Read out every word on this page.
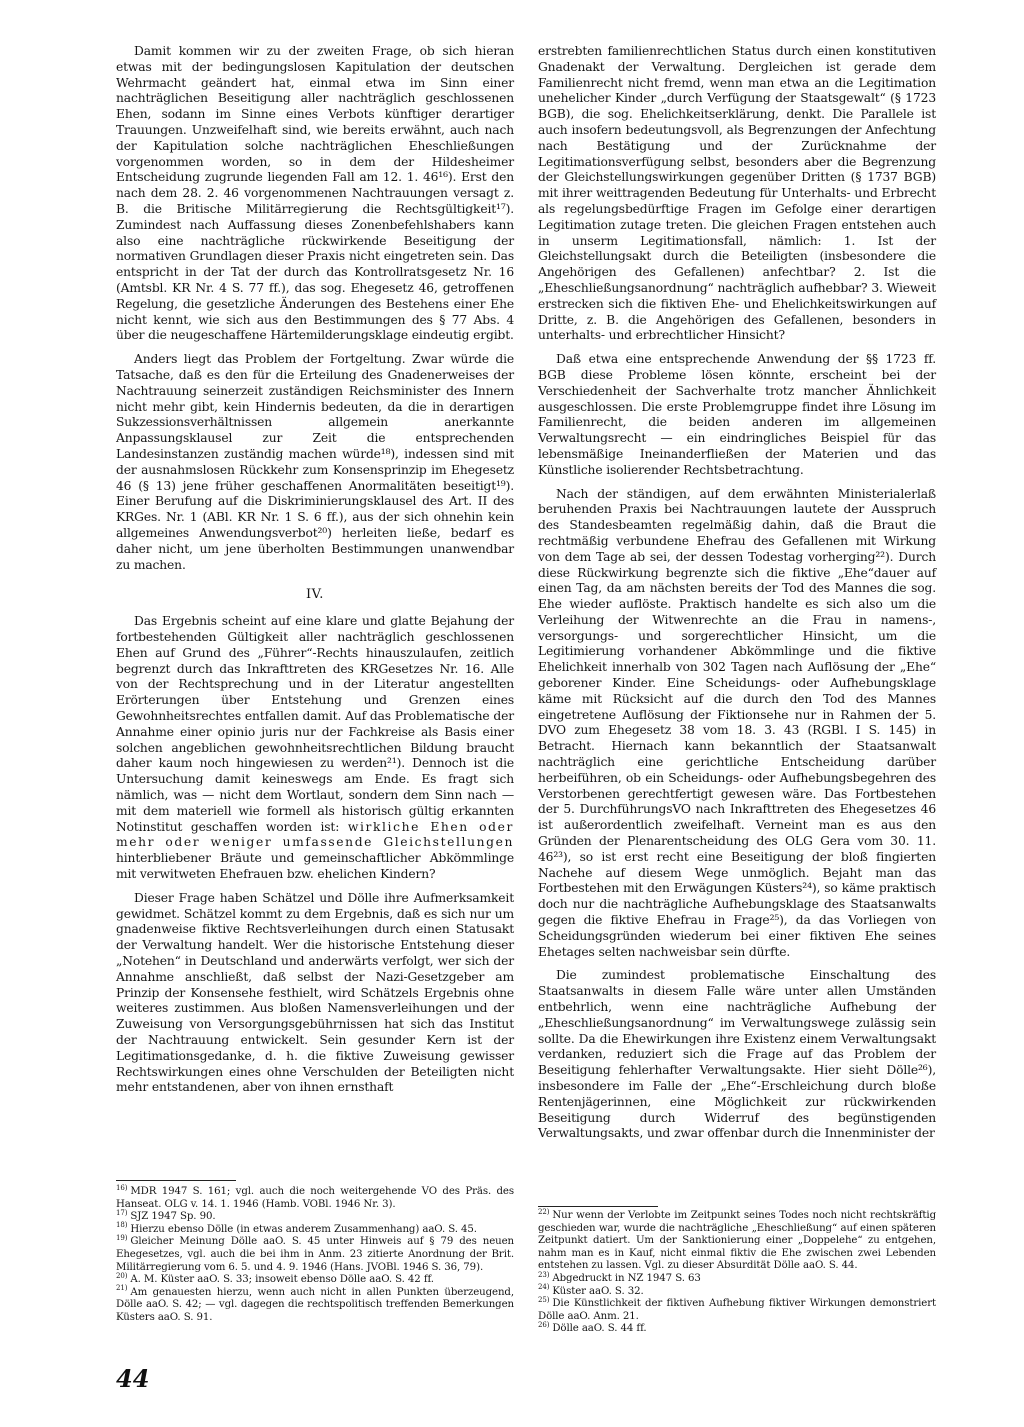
Damit kommen wir zu der zweiten Frage, ob sich hieran etwas mit der bedingungslosen Kapitulation der deutschen Wehrmacht geändert hat, einmal etwa im Sinn einer nachträglichen Beseitigung aller nachträglich geschlossenen Ehen, sodann im Sinne eines Verbots künftiger derartiger Trauungen. Unzweifelhaft sind, wie bereits erwähnt, auch nach der Kapitulation solche nachträglichen Eheschließungen vorgenommen worden, so in dem der Hildesheimer Entscheidung zugrunde liegenden Fall am 12. 1. 46¹⁶). Erst den nach dem 28. 2. 46 vorgenommenen Nachtrauungen versagt z. B. die Britische Militärregierung die Rechtsgültigkeit¹⁷). Zumindest nach Auffassung dieses Zonenbefehlshabers kann also eine nachträgliche rückwirkende Beseitigung der normativen Grundlagen dieser Praxis nicht eingetreten sein. Das entspricht in der Tat der durch das Kontrollratsgesetz Nr. 16 (Amtsbl. KR Nr. 4 S. 77 ff.), das sog. Ehegesetz 46, getroffenen Regelung, die gesetzliche Änderungen des Bestehens einer Ehe nicht kennt, wie sich aus den Bestimmungen des § 77 Abs. 4 über die neugeschaffene Härtemilderungsklage eindeutig ergibt.

Anders liegt das Problem der Fortgeltung. Zwar würde die Tatsache, daß es den für die Erteilung des Gnadenerweises der Nachtrauung seinerzeit zuständigen Reichsminister des Innern nicht mehr gibt, kein Hindernis bedeuten, da die in derartigen Sukzessionsverhältnissen allgemein anerkannte Anpassungsklausel zur Zeit die entsprechenden Landesinstanzen zuständig machen würde¹⁸), indessen sind mit der ausnahmslosen Rückkehr zum Konsensprinzip im Ehegesetz 46 (§ 13) jene früher geschaffenen Anormalitäten beseitigt¹⁹). Einer Berufung auf die Diskriminierungsklausel des Art. II des KRGes. Nr. 1 (ABl. KR Nr. 1 S. 6 ff.), aus der sich ohnehin kein allgemeines Anwendungsverbot²⁰) herleiten ließe, bedarf es daher nicht, um jene überholten Bestimmungen unanwendbar zu machen.

IV.

Das Ergebnis scheint auf eine klare und glatte Bejahung der fortbestehenden Gültigkeit aller nachträglich geschlossenen Ehen auf Grund des „Führer“-Rechts hinauszulaufen, zeitlich begrenzt durch das Inkrafttreten des KRGesetzes Nr. 16. Alle von der Rechtsprechung und in der Literatur angestellten Erörterungen über Entstehung und Grenzen eines Gewohnheitsrechtes entfallen damit. Auf das Problematische der Annahme einer opinio juris nur der Fachkreise als Basis einer solchen angeblichen gewohnheitsrechtlichen Bildung braucht daher kaum noch hingewiesen zu werden²¹). Dennoch ist die Untersuchung damit keineswegs am Ende. Es fragt sich nämlich, was — nicht dem Wortlaut, sondern dem Sinn nach — mit dem materiell wie formell als historisch gültig erkannten Notinstitut geschaffen worden ist: wirkliche Ehen oder mehr oder weniger umfassende Gleichstellungen hinterbliebener Bräute und gemeinschaftlicher Abkömmlinge mit verwitweten Ehefrauen bzw. ehelichen Kindern?

Dieser Frage haben Schätzel und Dölle ihre Aufmerksamkeit gewidmet. Schätzel kommt zu dem Ergebnis, daß es sich nur um gnadenweise fiktive Rechtsverleihungen durch einen Statusakt der Verwaltung handelt. Wer die historische Entstehung dieser „Notehen“ in Deutschland und anderwärts verfolgt, wer sich der Annahme anschließt, daß selbst der Nazi-Gesetzgeber am Prinzip der Konsensehe festhielt, wird Schätzels Ergebnis ohne weiteres zustimmen. Aus bloßen Namensverleihungen und der Zuweisung von Versorgungsgebührnissen hat sich das Institut der Nachtrauung entwickelt. Sein gesunder Kern ist der Legitimationsgedanke, d. h. die fiktive Zuweisung gewisser Rechtswirkungen eines ohne Verschulden der Beteiligten nicht mehr entstandenen, aber von ihnen ernsthaft

erstrebten familienrechtlichen Status durch einen konstitutiven Gnadenakt der Verwaltung. Dergleichen ist gerade dem Familienrecht nicht fremd, wenn man etwa an die Legitimation unehelicher Kinder „durch Verfügung der Staatsgewalt“ (§ 1723 BGB), die sog. Ehelichkeitserklärung, denkt. Die Parallele ist auch insofern bedeutungsvoll, als Begrenzungen der Anfechtung nach Bestätigung und der Zurücknahme der Legitimationsverfügung selbst, besonders aber die Begrenzung der Gleichstellungswirkungen gegenüber Dritten (§ 1737 BGB) mit ihrer weittragenden Bedeutung für Unterhalts- und Erbrecht als regelungsbedürftige Fragen im Gefolge einer derartigen Legitimation zutage treten. Die gleichen Fragen entstehen auch in unserm Legitimationsfall, nämlich: 1. Ist der Gleichstellungsakt durch die Beteiligten (insbesondere die Angehörigen des Gefallenen) anfechtbar? 2. Ist die „Eheschließungsanordnung“ nachträglich aufhebbar? 3. Wieweit erstrecken sich die fiktiven Ehe- und Ehelichkeitswirkungen auf Dritte, z. B. die Angehörigen des Gefallenen, besonders in unterhalts- und erbrechtlicher Hinsicht?

Daß etwa eine entsprechende Anwendung der §§ 1723 ff. BGB diese Probleme lösen könnte, erscheint bei der Verschiedenheit der Sachverhalte trotz mancher Ähnlichkeit ausgeschlossen. Die erste Problemgruppe findet ihre Lösung im Familienrecht, die beiden anderen im allgemeinen Verwaltungsrecht — ein eindringliches Beispiel für das lebensmäßige Ineinanderfließen der Materien und das Künstliche isolierender Rechtsbetrachtung.

Nach der ständigen, auf dem erwähnten Ministerialerlaß beruhenden Praxis bei Nachtrauungen lautete der Ausspruch des Standesbeamten regelmäßig dahin, daß die Braut die rechtmäßig verbundene Ehefrau des Gefallenen mit Wirkung von dem Tage ab sei, der dessen Todestag vorherging²²). Durch diese Rückwirkung begrenzte sich die fiktive „Ehe“dauer auf einen Tag, da am nächsten bereits der Tod des Mannes die sog. Ehe wieder auflöste. Praktisch handelte es sich also um die Verleihung der Witwenrechte an die Frau in namens-, versorgungs- und sorgerechtlicher Hinsicht, um die Legitimierung vorhandener Abkömmlinge und die fiktive Ehelichkeit innerhalb von 302 Tagen nach Auflösung der „Ehe“ geborener Kinder. Eine Scheidungs- oder Aufhebungsklage käme mit Rücksicht auf die durch den Tod des Mannes eingetretene Auflösung der Fiktionsehe nur in Rahmen der 5. DVO zum Ehegesetz 38 vom 18. 3. 43 (RGBl. I S. 145) in Betracht. Hiernach kann bekanntlich der Staatsanwalt nachträglich eine gerichtliche Entscheidung darüber herbeiführen, ob ein Scheidungs- oder Aufhebungsbegehren des Verstorbenen gerechtfertigt gewesen wäre. Das Fortbestehen der 5. DurchführungsVO nach Inkrafttreten des Ehegesetzes 46 ist außerordentlich zweifelhaft. Verneint man es aus den Gründen der Plenarentscheidung des OLG Gera vom 30. 11. 46²³), so ist erst recht eine Beseitigung der bloß fingierten Nachehe auf diesem Wege unmöglich. Bejaht man das Fortbestehen mit den Erwägungen Küsters²⁴), so käme praktisch doch nur die nachträgliche Aufhebungsklage des Staatsanwalts gegen die fiktive Ehefrau in Frage²⁵), da das Vorliegen von Scheidungsgründen wiederum bei einer fiktiven Ehe seines Ehetages selten nachweisbar sein dürfte.

Die zumindest problematische Einschaltung des Staatsanwalts in diesem Falle wäre unter allen Umständen entbehrlich, wenn eine nachträgliche Aufhebung der „Eheschließungsanordnung“ im Verwaltungswege zulässig sein sollte. Da die Ehewirkungen ihre Existenz einem Verwaltungsakt verdanken, reduziert sich die Frage auf das Problem der Beseitigung fehlerhafter Verwaltungsakte. Hier sieht Dölle²⁶), insbesondere im Falle der „Ehe“-Erschleichung durch bloße Rentenjägerinnen, eine Möglichkeit zur rückwirkenden Beseitigung durch Widerruf des begünstigenden Verwaltungsakts, und zwar offenbar durch die Innenminister der

$^{16)}$ MDR 1947 S. 161; vgl. auch die noch weitergehende VO des Präs. des Hanseat. OLG v. 14. 1. 1946 (Hamb. VOBl. 1946 Nr. 3).

$^{17)}$ SJZ 1947 Sp. 90.

$^{18)}$ Hierzu ebenso Dölle (in etwas anderem Zusammenhang) aaO. S. 45.

$^{19)}$ Gleicher Meinung Dölle aaO. S. 45 unter Hinweis auf § 79 des neuen Ehegesetzes, vgl. auch die bei ihm in Anm. 23 zitierte Anordnung der Brit. Militärregierung vom 6. 5. und 4. 9. 1946 (Hans. JVOBl. 1946 S. 36, 79).

$^{20)}$ A. M. Küster aaO. S. 33; insoweit ebenso Dölle aaO. S. 42 ff.

$^{21)}$ Am genauesten hierzu, wenn auch nicht in allen Punkten überzeugend, Dölle aaO. S. 42; — vgl. dagegen die rechtspolitisch treffenden Bemerkungen Küsters aaO. S. 91.

$^{22)}$ Nur wenn der Verlobte im Zeitpunkt seines Todes noch nicht rechtskräftig geschieden war, wurde die nachträgliche „Eheschließung“ auf einen späteren Zeitpunkt datiert. Um der Sanktionierung einer „Doppelehe“ zu entgehen, nahm man es in Kauf, nicht einmal fiktiv die Ehe zwischen zwei Lebenden entstehen zu lassen. Vgl. zu dieser Absurdität Dölle aaO. S. 44.

$^{23)}$ Abgedruckt in NZ 1947 S. 63

$^{24)}$ Küster aaO. S. 32.

$^{25)}$ Die Künstlichkeit der fiktiven Aufhebung fiktiver Wirkungen demonstriert Dölle aaO. Anm. 21.

$^{26)}$ Dölle aaO. S. 44 ff.

44
